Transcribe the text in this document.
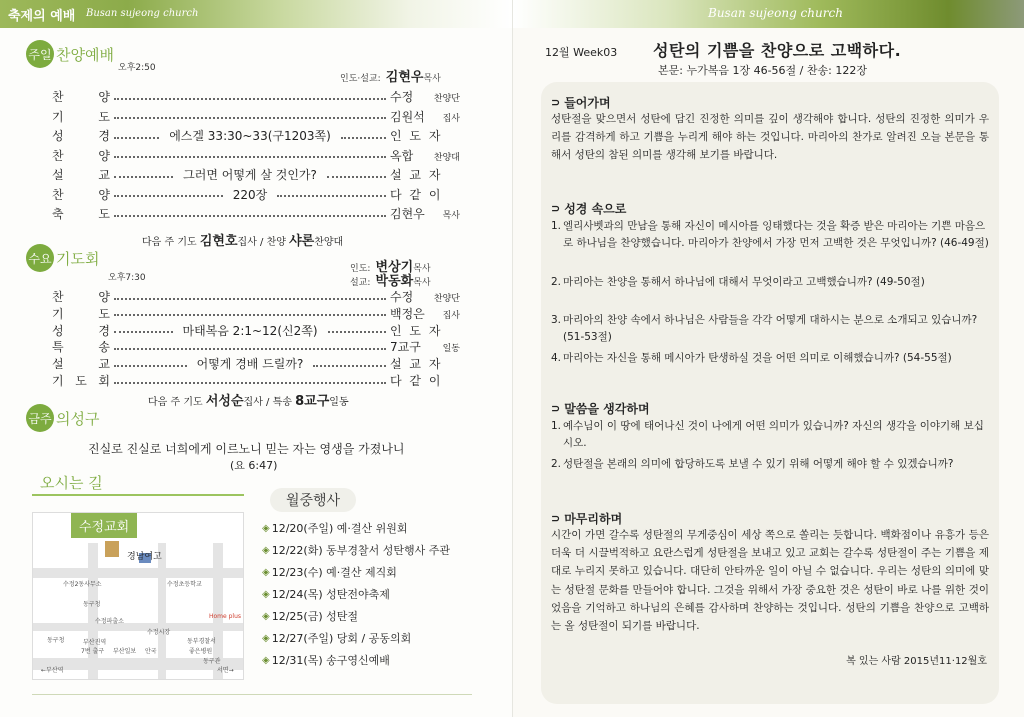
축제의 예배 Busan sujeong church
주일 찬양예배
오후2:50
인도·설교: 김현우목사
찬	양	수정 찬양단
기	도	김원석 집사
성	경	에스겔 33:30~33(구1203쪽)	인 도 자
찬	양	옥합 찬양대
설	교	그러면 어떻게 살 것인가?	설 교 자
찬	양	220장	다 같 이
축	도	김현우 목사
다음 주 기도 김현호집사 / 찬양 샤론찬양대
수요 기도회
오후7:30
인도: 변상기목사
설교: 박동화목사
찬	양	수정 찬양단
기	도	백정은 집사
성	경	마태복음 2:1~12(신2쪽)	인 도 자
특	송	7교구 일동
설	교	어떻게 경배 드릴까?	설 교 자
기 도 회	다 같 이
다음 주 기도 서성순집사 / 특송 8교구일동
금주 의성구
진실로 진실로 너희에게 이르노니 믿는 자는 영생을 가졌나니
(요 6:47)
오시는 길
수정교회
경남여고
수정2동사무소	수정초등학교
동구청
수정파출소
Home plus
수정시장
동부경찰서
부산진역
동구청
7번 출구 부산일보 안국	좋은병원
←부산역	서면→
동구관
월중행사
◈ 12/20(주일) 예·결산 위원회
◈ 12/22(화) 동부경찰서 성탄행사 주관
◈ 12/23(수) 예·결산 제직회
◈ 12/24(목) 성탄전야축제
◈ 12/25(금) 성탄절
◈ 12/27(주일) 당회 / 공동의회
◈ 12/31(목) 송구영신예배
Busan sujeong church
12월 Week03 성탄의 기쁨을 찬양으로 고백하다.
본문: 누가복음 1장 46-56절 / 찬송: 122장
⊃ 들어가며
성탄절을 맞으면서 성탄에 담긴 진정한 의미를 깊이 생각해야 합니다. 성탄의 진정한 의미가 우리를 감격하게 하고 기쁨을 누리게 해야 하는 것입니다. 마리아의 찬가로 알려진 오늘 본문을 통해서 성탄의 참된 의미를 생각해 보기를 바랍니다.
⊃ 성경 속으로
1. 엘리사벳과의 만남을 통해 자신이 메시아를 잉태했다는 것을 확증 받은 마리아는 기쁜 마음으로 하나님을 찬양했습니다. 마리아가 찬양에서 가장 먼저 고백한 것은 무엇입니까? (46-49절)
2. 마리아는 찬양을 통해서 하나님에 대해서 무엇이라고 고백했습니까? (49-50절)
3. 마리아의 찬양 속에서 하나님은 사람들을 각각 어떻게 대하시는 분으로 소개되고 있습니까? (51-53절)
4. 마리아는 자신을 통해 메시아가 탄생하실 것을 어떤 의미로 이해했습니까? (54-55절)
⊃ 말씀을 생각하며
1. 예수님이 이 땅에 태어나신 것이 나에게 어떤 의미가 있습니까? 자신의 생각을 이야기해 보십시오.
2. 성탄절을 본래의 의미에 합당하도록 보낼 수 있기 위해 어떻게 해야 할 수 있겠습니까?
⊃ 마무리하며
시간이 가면 갈수록 성탄절의 무게중심이 세상 쪽으로 쏠리는 듯합니다. 백화점이나 유흥가 등은 더욱 더 시끌벅적하고 요란스럽게 성탄절을 보내고 있고 교회는 갈수록 성탄절이 주는 기쁨을 제대로 누리지 못하고 있습니다. 대단히 안타까운 일이 아닐 수 없습니다. 우리는 성탄의 의미에 맞는 성탄절 문화를 만들어야 합니다. 그것을 위해서 가장 중요한 것은 성탄이 바로 나를 위한 것이었음을 기억하고 하나님의 은혜를 감사하며 찬양하는 것입니다. 성탄의 기쁨을 찬양으로 고백하는 올 성탄절이 되기를 바랍니다.
복 있는 사람 2015년11·12월호
